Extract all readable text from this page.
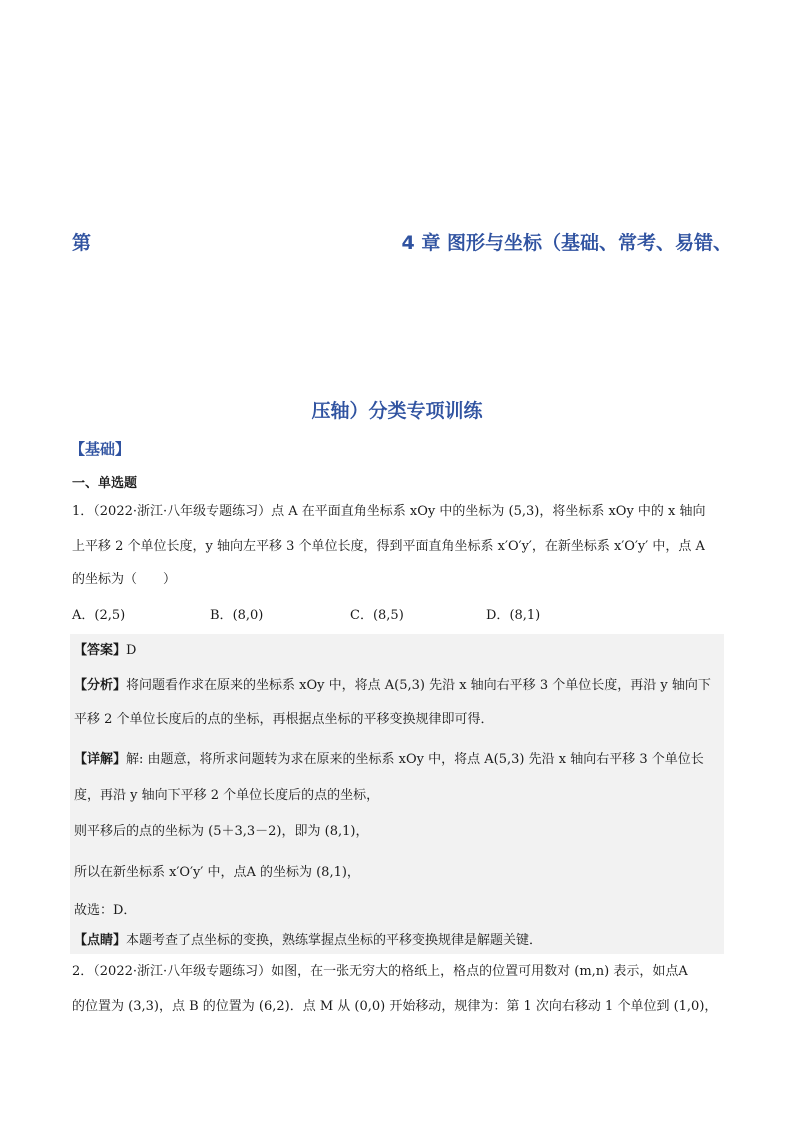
第	4 章 图形与坐标（基础、常考、易错、
压轴）分类专项训练
【基础】
一、单选题
1．（2022·浙江·八年级专题练习）点 A 在平面直角坐标系 xOy 中的坐标为 (5,3)，将坐标系 xOy 中的 x 轴向
上平移 2 个单位长度，y 轴向左平移 3 个单位长度，得到平面直角坐标系 x′O′y′，在新坐标系 x′O′y′ 中，点 A
的坐标为（　　）
A．(2,5)	B．(8,0)	C．(8,5)	D．(8,1)
【答案】D
【分析】将问题看作求在原来的坐标系 xOy 中，将点 A(5,3) 先沿 x 轴向右平移 3 个单位长度，再沿 y 轴向下
平移 2 个单位长度后的点的坐标，再根据点坐标的平移变换规律即可得．
【详解】解: 由题意，将所求问题转为求在原来的坐标系 xOy 中，将点 A(5,3) 先沿 x 轴向右平移 3 个单位长
度，再沿 y 轴向下平移 2 个单位长度后的点的坐标，
则平移后的点的坐标为 (5＋3,3－2)，即为 (8,1)，
所以在新坐标系 x′O′y′ 中，点A 的坐标为 (8,1)，
故选：D．
【点睛】本题考查了点坐标的变换，熟练掌握点坐标的平移变换规律是解题关键．
2．（2022·浙江·八年级专题练习）如图，在一张无穷大的格纸上，格点的位置可用数对 (m,n) 表示，如点A
的位置为 (3,3)，点 B 的位置为 (6,2)．点 M 从 (0,0) 开始移动，规律为：第 1 次向右移动 1 个单位到 (1,0)，
